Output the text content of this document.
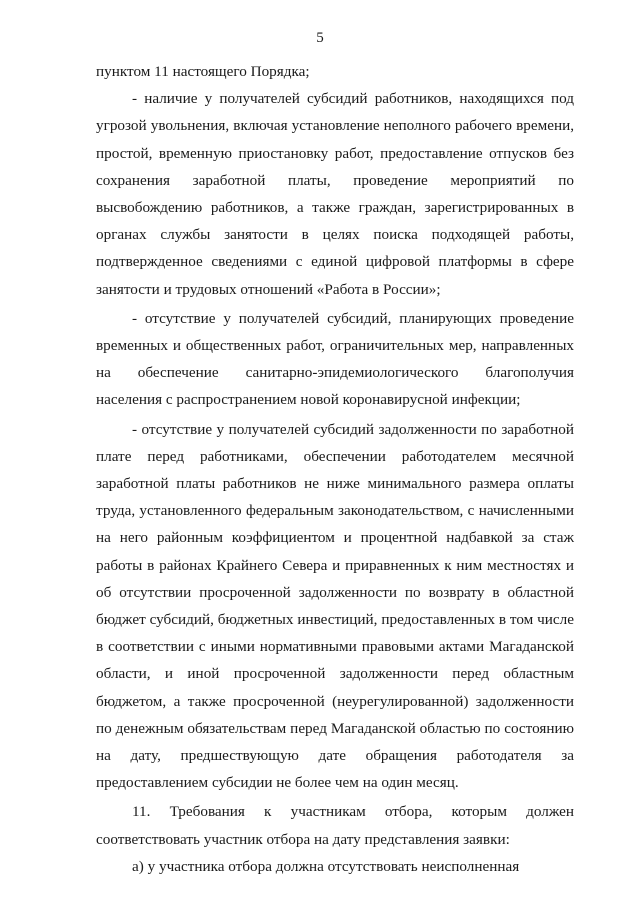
5

пунктом 11 настоящего Порядка;

- наличие у получателей субсидий работников, находящихся под угрозой увольнения, включая установление неполного рабочего времени, простой, временную приостановку работ, предоставление отпусков без сохранения заработной платы, проведение мероприятий по высвобождению работников, а также граждан, зарегистрированных в органах службы занятости в целях поиска подходящей работы, подтвержденное сведениями с единой цифровой платформы в сфере занятости и трудовых отношений «Работа в России»;

- отсутствие у получателей субсидий, планирующих проведение временных и общественных работ, ограничительных мер, направленных на обеспечение санитарно-эпидемиологического благополучия населения с распространением новой коронавирусной инфекции;

- отсутствие у получателей субсидий задолженности по заработной плате перед работниками, обеспечении работодателем месячной заработной платы работников не ниже минимального размера оплаты труда, установленного федеральным законодательством, с начисленными на него районным коэффициентом и процентной надбавкой за стаж работы в районах Крайнего Севера и приравненных к ним местностях и об отсутствии просроченной задолженности по возврату в областной бюджет субсидий, бюджетных инвестиций, предоставленных в том числе в соответствии с иными нормативными правовыми актами Магаданской области, и иной просроченной задолженности перед областным бюджетом, а также просроченной (неурегулированной) задолженности по денежным обязательствам перед Магаданской областью по состоянию на дату, предшествующую дате обращения работодателя за предоставлением субсидии не более чем на один месяц.

11. Требования к участникам отбора, которым должен соответствовать участник отбора на дату представления заявки:

а) у участника отбора должна отсутствовать неисполненная
